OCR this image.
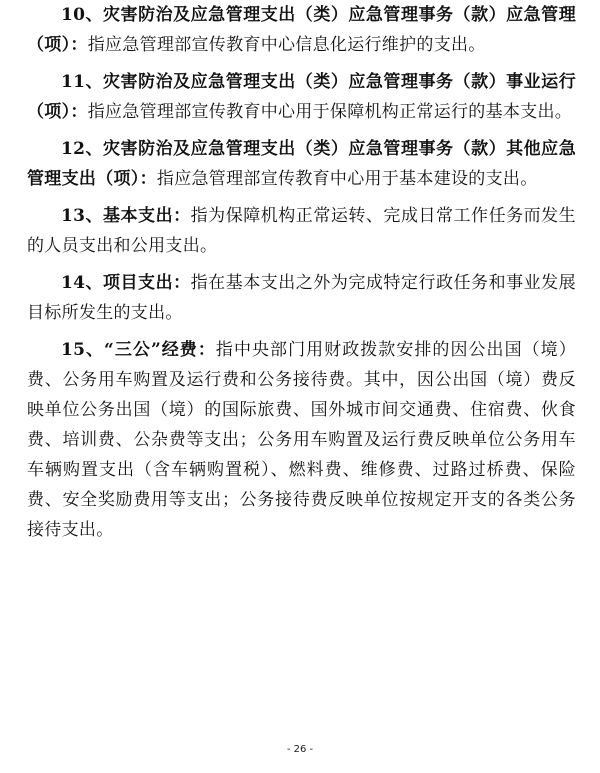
10、灾害防治及应急管理支出（类）应急管理事务（款）应急管理（项）：指应急管理部宣传教育中心信息化运行维护的支出。

11、灾害防治及应急管理支出（类）应急管理事务（款）事业运行（项）：指应急管理部宣传教育中心用于保障机构正常运行的基本支出。

12、灾害防治及应急管理支出（类）应急管理事务（款）其他应急管理支出（项）：指应急管理部宣传教育中心用于基本建设的支出。

13、基本支出：指为保障机构正常运转、完成日常工作任务而发生的人员支出和公用支出。

14、项目支出：指在基本支出之外为完成特定行政任务和事业发展目标所发生的支出。

15、“三公”经费：指中央部门用财政拨款安排的因公出国（境）费、公务用车购置及运行费和公务接待费。其中，因公出国（境）费反映单位公务出国（境）的国际旅费、国外城市间交通费、住宿费、伙食费、培训费、公杂费等支出；公务用车购置及运行费反映单位公务用车车辆购置支出（含车辆购置税）、燃料费、维修费、过路过桥费、保险费、安全奖励费用等支出；公务接待费反映单位按规定开支的各类公务接待支出。

- 26 -
